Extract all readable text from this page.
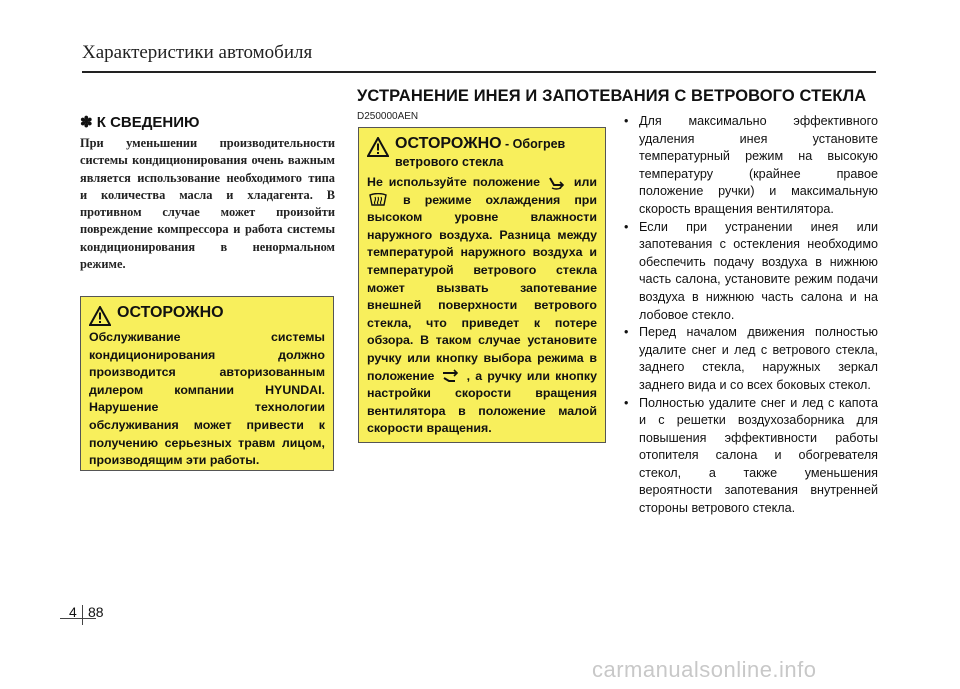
Характеристики автомобиля
УСТРАНЕНИЕ ИНЕЯ И ЗАПОТЕВАНИЯ С ВЕТРОВОГО СТЕКЛА
D250000AEN
✽ К СВЕДЕНИЮ
При уменьшении производительности системы кондиционирования очень важным является использование необходимого типа и количества масла и хладагента. В противном случае может произойти повреждение компрессора и работа системы кондиционирования в ненормальном режиме.
ОСТОРОЖНО
Обслуживание системы кондиционирования должно производится авторизованным дилером компании HYUNDAI. Нарушение технологии обслуживания может привести к получению серьезных травм лицом, производящим эти работы.
ОСТОРОЖНО - Обогрев ветрового стекла
Не используйте положение	или  в режиме охлаждения при высоком уровне влажности наружного воздуха. Разница между температурой наружного воздуха и температурой ветрового стекла может вызвать запотевание внешней поверхности ветрового стекла, что приведет к потере обзора. В таком случае установите ручку или кнопку выбора режима в положение	, а ручку или кнопку настройки скорости вращения вентилятора в положение малой скорости вращения.
• Для максимально эффективного удаления инея установите температурный режим на высокую температуру (крайнее правое положение ручки) и максимальную скорость вращения вентилятора.
• Если при устранении инея или запотевания с остекления необходимо обеспечить подачу воздуха в нижнюю часть салона, установите режим подачи воздуха в нижнюю часть салона и на лобовое стекло.
• Перед началом движения полностью удалите снег и лед с ветрового стекла, заднего стекла, наружных зеркал заднего вида и со всех боковых стекол.
• Полностью удалите снег и лед с капота и с решетки воздухозаборника для повышения эффективности работы отопителя салона и обогревателя стекол, а также уменьшения вероятности запотевания внутренней стороны ветрового стекла.
4 88
carmanualsonline.info
